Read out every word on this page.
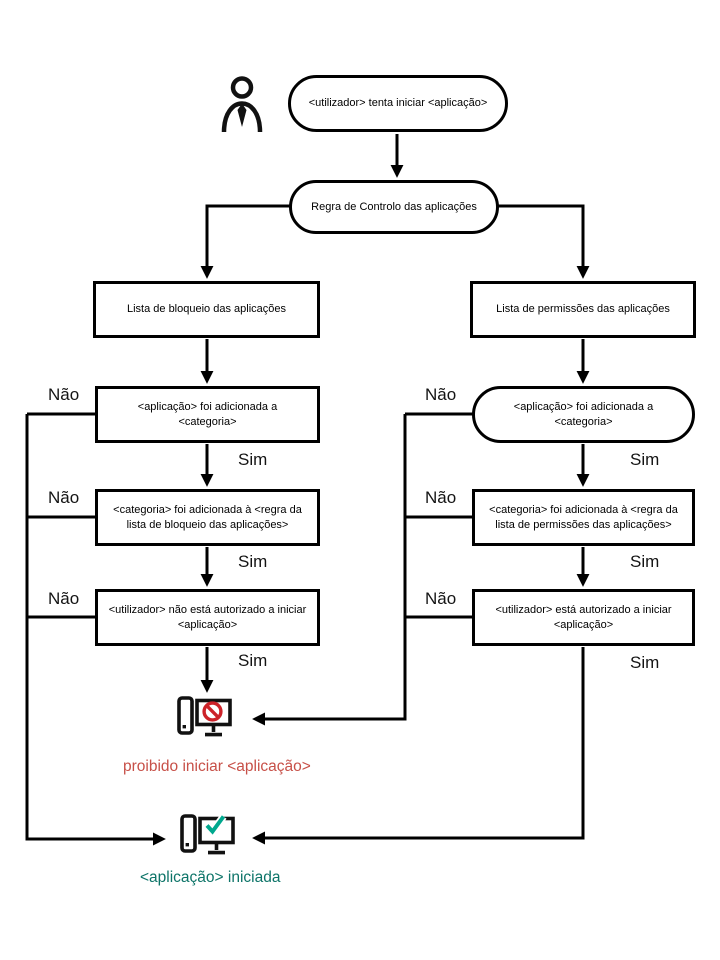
<utilizador> tenta iniciar <aplicação>
Regra de Controlo das aplicações
Lista de bloqueio das aplicações	Lista de permissões das aplicações
<aplicação> foi adicionada a <categoria>
<categoria> foi adicionada à <regra da lista de bloqueio das aplicações>
<utilizador> não está autorizado a iniciar <aplicação>
<aplicação> foi adicionada a <categoria>
<categoria> foi adicionada à <regra da lista de permissões das aplicações>
<utilizador> está autorizado a iniciar <aplicação>
Não
Não
Não
Não
Não
Não
Sim
Sim
Sim
Sim
Sim
Sim
proibido iniciar <aplicação>
<aplicação> iniciada
